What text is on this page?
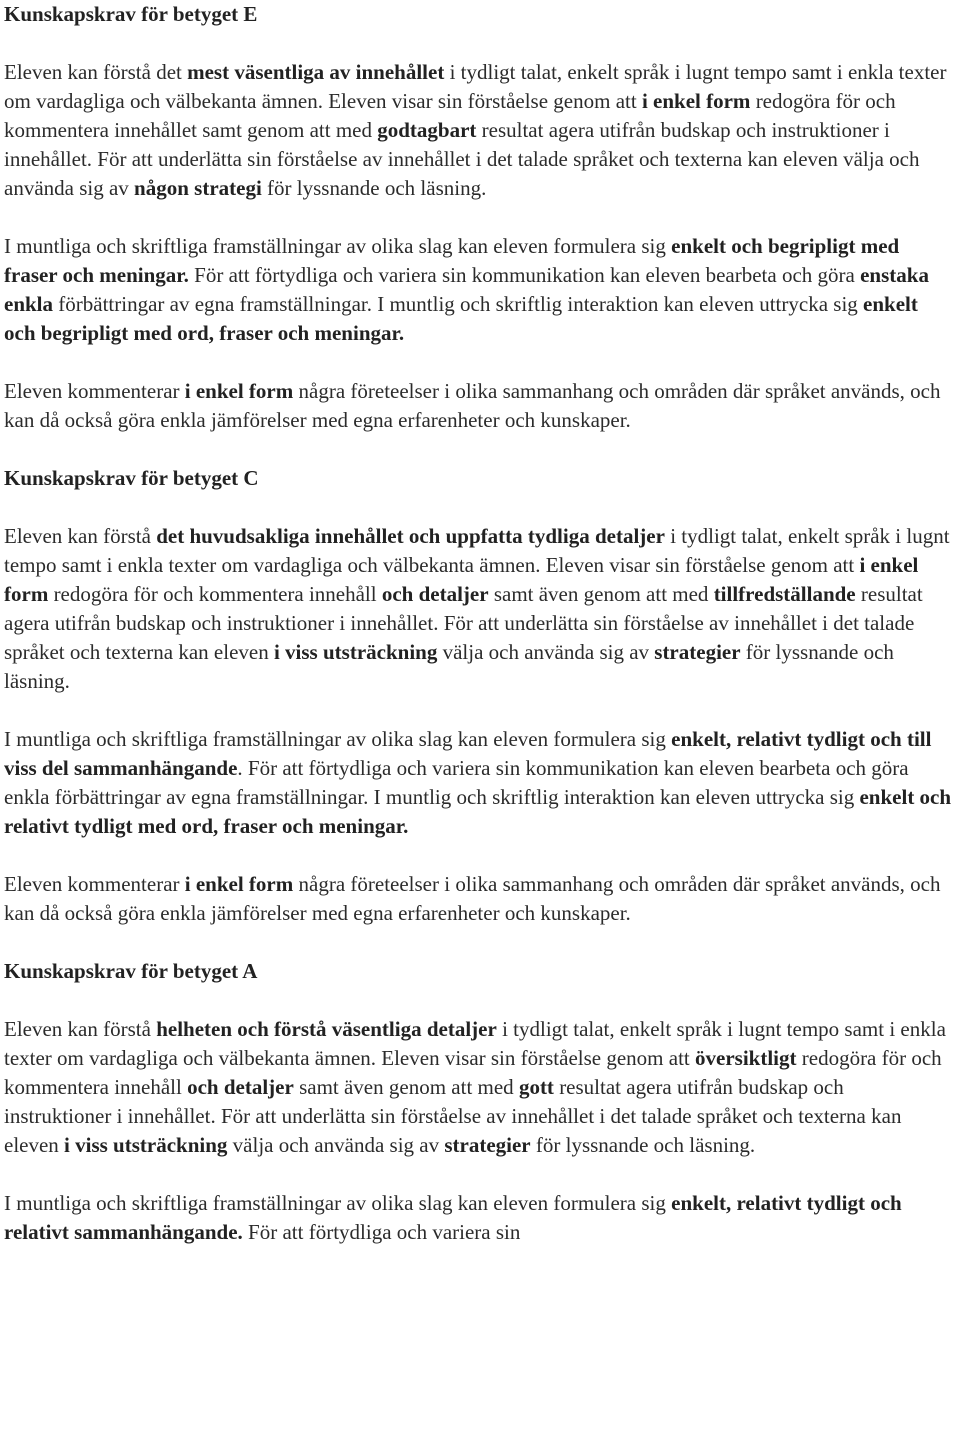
Kunskapskrav för betyget E

Eleven kan förstå det mest väsentliga av innehållet i tydligt talat, enkelt språk i lugnt tempo samt i enkla texter om vardagliga och välbekanta ämnen. Eleven visar sin förståelse genom att i enkel form redogöra för och kommentera innehållet samt genom att med godtagbart resultat agera utifrån budskap och instruktioner i innehållet. För att underlätta sin förståelse av innehållet i det talade språket och texterna kan eleven välja och använda sig av någon strategi för lyssnande och läsning.

I muntliga och skriftliga framställningar av olika slag kan eleven formulera sig enkelt och begripligt med fraser och meningar. För att förtydliga och variera sin kommunikation kan eleven bearbeta och göra enstaka enkla förbättringar av egna framställningar. I muntlig och skriftlig interaktion kan eleven uttrycka sig enkelt och begripligt med ord, fraser och meningar.

Eleven kommenterar i enkel form några företeelser i olika sammanhang och områden där språket används, och kan då också göra enkla jämförelser med egna erfarenheter och kunskaper.

Kunskapskrav för betyget C

Eleven kan förstå det huvudsakliga innehållet och uppfatta tydliga detaljer i tydligt talat, enkelt språk i lugnt tempo samt i enkla texter om vardagliga och välbekanta ämnen. Eleven visar sin förståelse genom att i enkel form redogöra för och kommentera innehåll och detaljer samt även genom att med tillfredställande resultat agera utifrån budskap och instruktioner i innehållet. För att underlätta sin förståelse av innehållet i det talade språket och texterna kan eleven i viss utsträckning välja och använda sig av strategier för lyssnande och läsning.

I muntliga och skriftliga framställningar av olika slag kan eleven formulera sig enkelt, relativt tydligt och till viss del sammanhängande. För att förtydliga och variera sin kommunikation kan eleven bearbeta och göra enkla förbättringar av egna framställningar. I muntlig och skriftlig interaktion kan eleven uttrycka sig enkelt och relativt tydligt med ord, fraser och meningar.

Eleven kommenterar i enkel form några företeelser i olika sammanhang och områden där språket används, och kan då också göra enkla jämförelser med egna erfarenheter och kunskaper.

Kunskapskrav för betyget A

Eleven kan förstå helheten och förstå väsentliga detaljer i tydligt talat, enkelt språk i lugnt tempo samt i enkla texter om vardagliga och välbekanta ämnen. Eleven visar sin förståelse genom att översiktligt redogöra för och kommentera innehåll och detaljer samt även genom att med gott resultat agera utifrån budskap och instruktioner i innehållet. För att underlätta sin förståelse av innehållet i det talade språket och texterna kan eleven i viss utsträckning välja och använda sig av strategier för lyssnande och läsning.

I muntliga och skriftliga framställningar av olika slag kan eleven formulera sig enkelt, relativt tydligt och relativt sammanhängande. För att förtydliga och variera sin
